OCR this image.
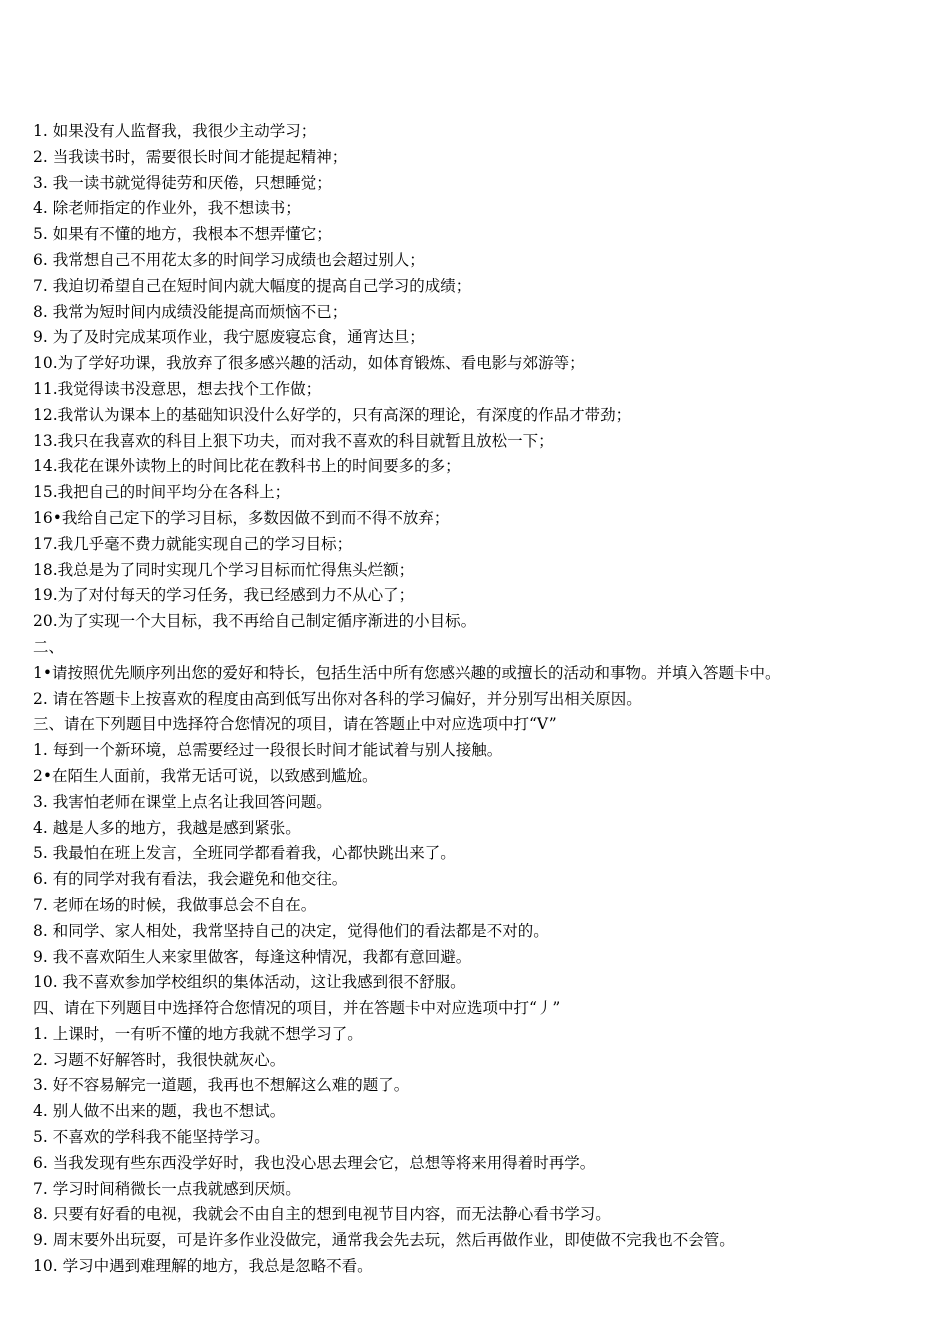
1. 如果没有人监督我，我很少主动学习；
2. 当我读书时，需要很长时间才能提起精神；
3. 我一读书就觉得徒劳和厌倦，只想睡觉；
4. 除老师指定的作业外，我不想读书；
5. 如果有不懂的地方，我根本不想弄懂它；
6. 我常想自己不用花太多的时间学习成绩也会超过别人；
7. 我迫切希望自己在短时间内就大幅度的提高自己学习的成绩；
8. 我常为短时间内成绩没能提高而烦恼不已；
9. 为了及时完成某项作业，我宁愿废寝忘食，通宵达旦；
10.为了学好功课，我放弃了很多感兴趣的活动，如体育锻炼、看电影与郊游等；
11.我觉得读书没意思，想去找个工作做；
12.我常认为课本上的基础知识没什么好学的，只有高深的理论，有深度的作品才带劲；
13.我只在我喜欢的科目上狠下功夫，而对我不喜欢的科目就暂且放松一下；
14.我花在课外读物上的时间比花在教科书上的时间要多的多；
15.我把自己的时间平均分在各科上；
16•我给自己定下的学习目标，多数因做不到而不得不放弃；
17.我几乎毫不费力就能实现自己的学习目标；
18.我总是为了同时实现几个学习目标而忙得焦头烂额；
19.为了对付每天的学习任务，我已经感到力不从心了；
20.为了实现一个大目标，我不再给自己制定循序渐进的小目标。
二、
1•请按照优先顺序列出您的爱好和特长，包括生活中所有您感兴趣的或擅长的活动和事物。并填入答题卡中。
2. 请在答题卡上按喜欢的程度由高到低写出你对各科的学习偏好，并分别写出相关原因。
三、请在下列题目中选择符合您情况的项目，请在答题止中对应选项中打“V”
1. 每到一个新环境，总需要经过一段很长时间才能试着与别人接触。
2•在陌生人面前，我常无话可说，以致感到尴尬。
3. 我害怕老师在课堂上点名让我回答问题。
4. 越是人多的地方，我越是感到紧张。
5. 我最怕在班上发言，全班同学都看着我，心都快跳出来了。
6. 有的同学对我有看法，我会避免和他交往。
7. 老师在场的时候，我做事总会不自在。
8. 和同学、家人相处，我常坚持自己的决定，觉得他们的看法都是不对的。
9. 我不喜欢陌生人来家里做客，每逢这种情况，我都有意回避。
10. 我不喜欢参加学校组织的集体活动，这让我感到很不舒服。
四、请在下列题目中选择符合您情况的项目，并在答题卡中对应选项中打“丿”
1. 上课时，一有听不懂的地方我就不想学习了。
2. 习题不好解答时，我很快就灰心。
3. 好不容易解完一道题，我再也不想解这么难的题了。
4. 别人做不出来的题，我也不想试。
5. 不喜欢的学科我不能坚持学习。
6. 当我发现有些东西没学好时，我也没心思去理会它，总想等将来用得着时再学。
7. 学习时间稍微长一点我就感到厌烦。
8. 只要有好看的电视，我就会不由自主的想到电视节目内容，而无法静心看书学习。
9. 周末要外出玩耍，可是许多作业没做完，通常我会先去玩，然后再做作业，即使做不完我也不会管。
10. 学习中遇到难理解的地方，我总是忽略不看。
